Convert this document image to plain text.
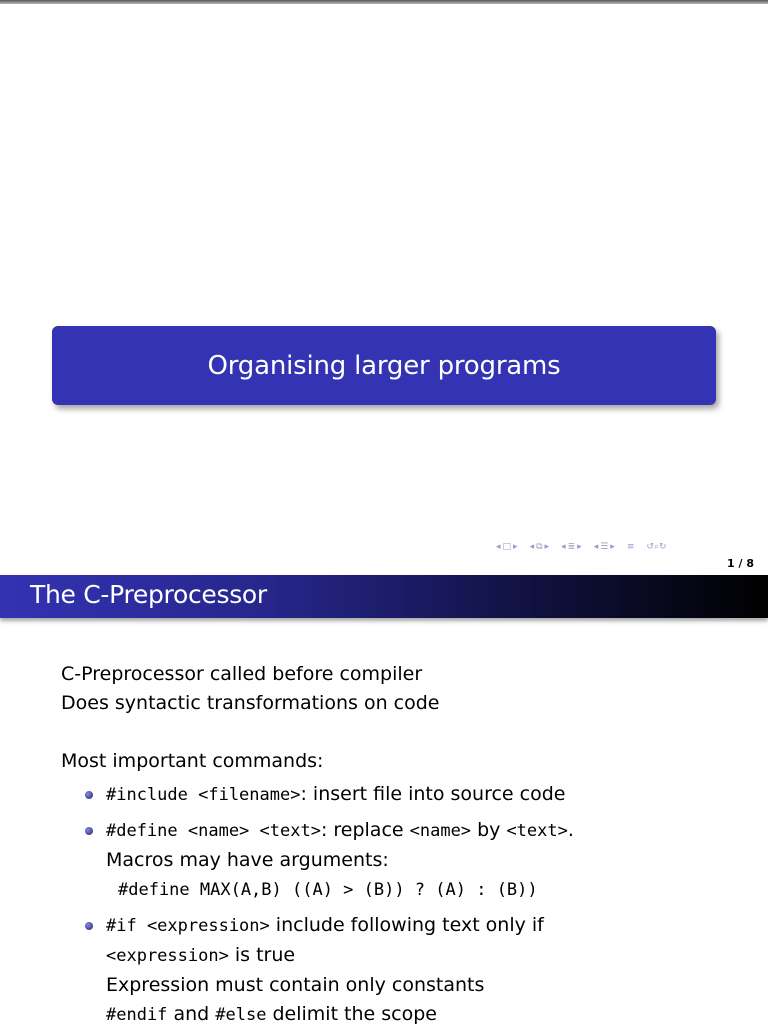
Organising larger programs
◂ □ ▸ ◂ ⧉ ▸ ◂ ≣ ▸ ◂ ☰ ▸ ≡ ↺⌕↻
1 / 8
The C-Preprocessor
C-Preprocessor called before compiler
Does syntactic transformations on code
Most important commands:
#include <filename>: insert file into source code
#define <name> <text>: replace <name> by <text>.
Macros may have arguments:
#define MAX(A,B) ((A) > (B)) ? (A) : (B))
#if <expression> include following text only if
<expression> is true
Expression must contain only constants
#endif and #else delimit the scope
